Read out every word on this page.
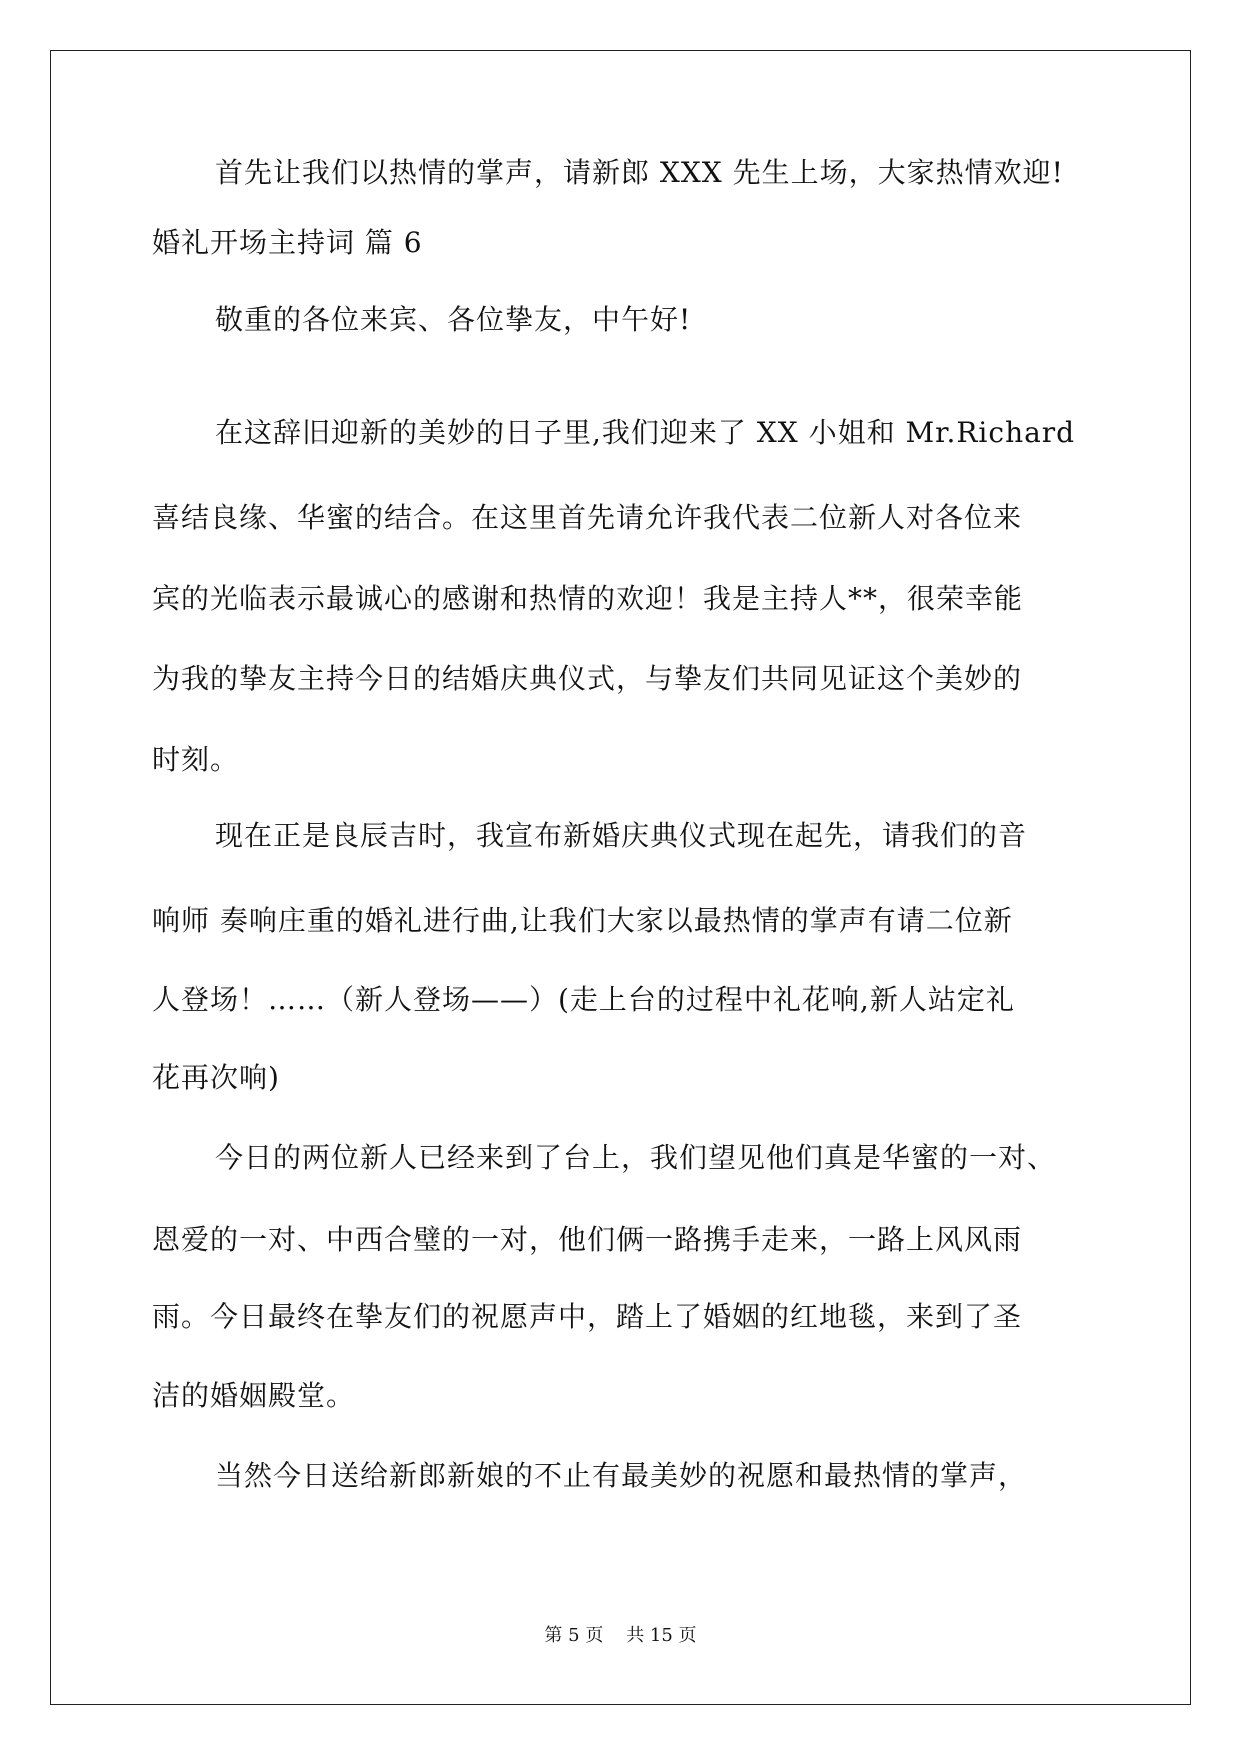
首先让我们以热情的掌声，请新郎 XXX 先生上场，大家热情欢迎!
婚礼开场主持词 篇 6
敬重的各位来宾、各位挚友，中午好!
在这辞旧迎新的美妙的日子里,我们迎来了 XX 小姐和 Mr.Richard
喜结良缘、华蜜的结合。在这里首先请允许我代表二位新人对各位来
宾的光临表示最诚心的感谢和热情的欢迎！我是主持人**，很荣幸能
为我的挚友主持今日的结婚庆典仪式，与挚友们共同见证这个美妙的
时刻。
现在正是良辰吉时，我宣布新婚庆典仪式现在起先，请我们的音
响师 奏响庄重的婚礼进行曲,让我们大家以最热情的掌声有请二位新
人登场！……（新人登场——）(走上台的过程中礼花响,新人站定礼
花再次响)
今日的两位新人已经来到了台上，我们望见他们真是华蜜的一对、
恩爱的一对、中西合璧的一对，他们俩一路携手走来，一路上风风雨
雨。今日最终在挚友们的祝愿声中，踏上了婚姻的红地毯，来到了圣
洁的婚姻殿堂。
当然今日送给新郎新娘的不止有最美妙的祝愿和最热情的掌声，
第 5 页    共 15 页
